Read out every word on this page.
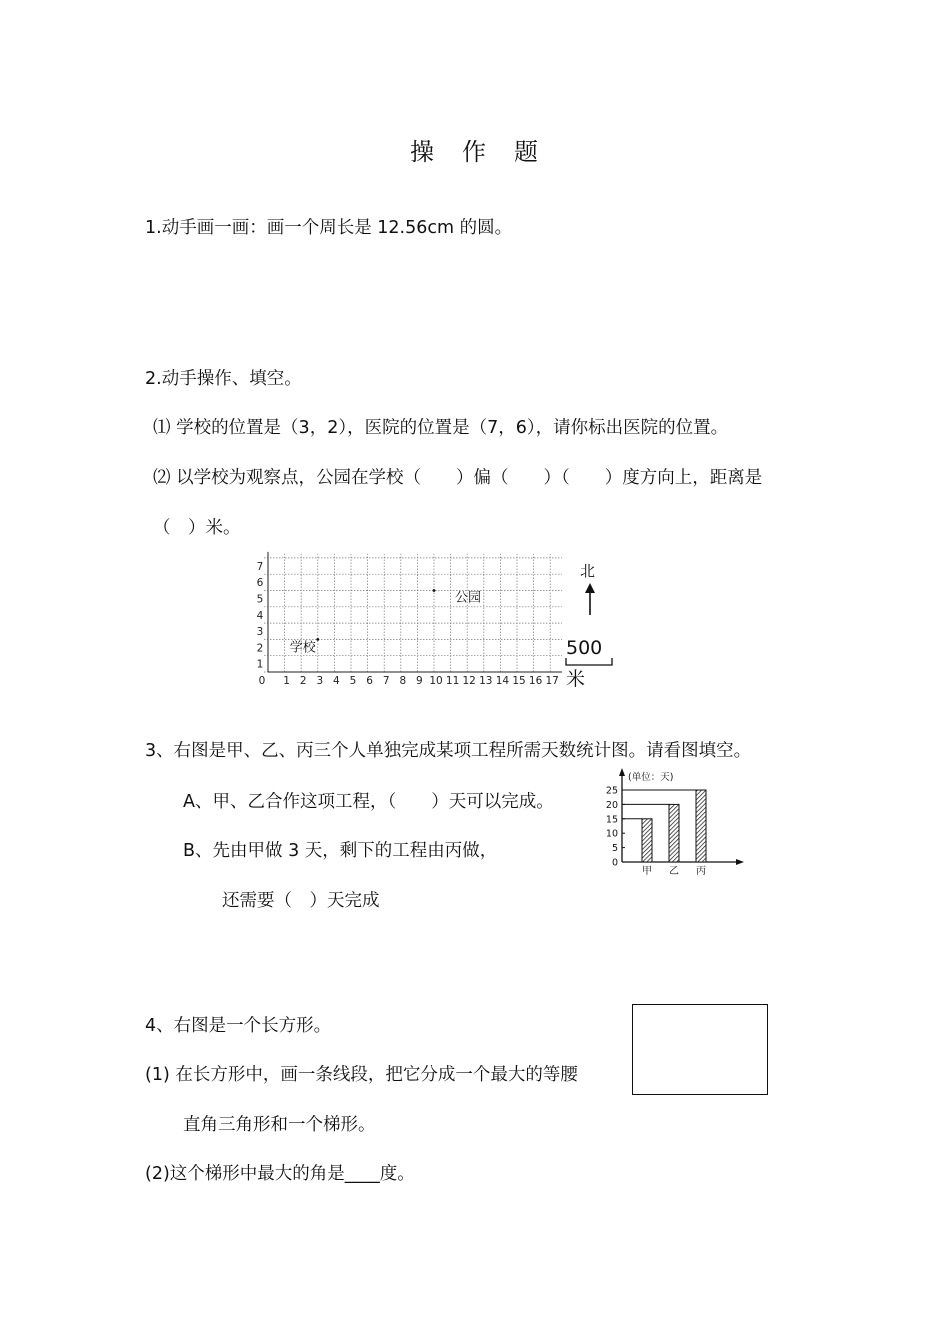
操　作　题
1.动手画一画：画一个周长是 12.56cm 的圆。
2.动手操作、填空。
⑴ 学校的位置是（3，2），医院的位置是（7，6），请你标出医院的位置。
⑵ 以学校为观察点，公园在学校（　　）偏（　　）（　　）度方向上，距离是
（　）米。
0 1 2 3 4 5 6 7 8 9 10 11 12 13 14 15 16 17
1
2
3
4
5
6
7
学校
公园
北
500
米
3、右图是甲、乙、丙三个人单独完成某项工程所需天数统计图。请看图填空。
A、甲、乙合作这项工程，（　　）天可以完成。
B、先由甲做 3 天，剩下的工程由丙做，
还需要（　）天完成
(单位：天)
0
5
10
15
20
25
甲 乙 丙
4、右图是一个长方形。
(1) 在长方形中，画一条线段，把它分成一个最大的等腰
直角三角形和一个梯形。
(2)这个梯形中最大的角是____度。
